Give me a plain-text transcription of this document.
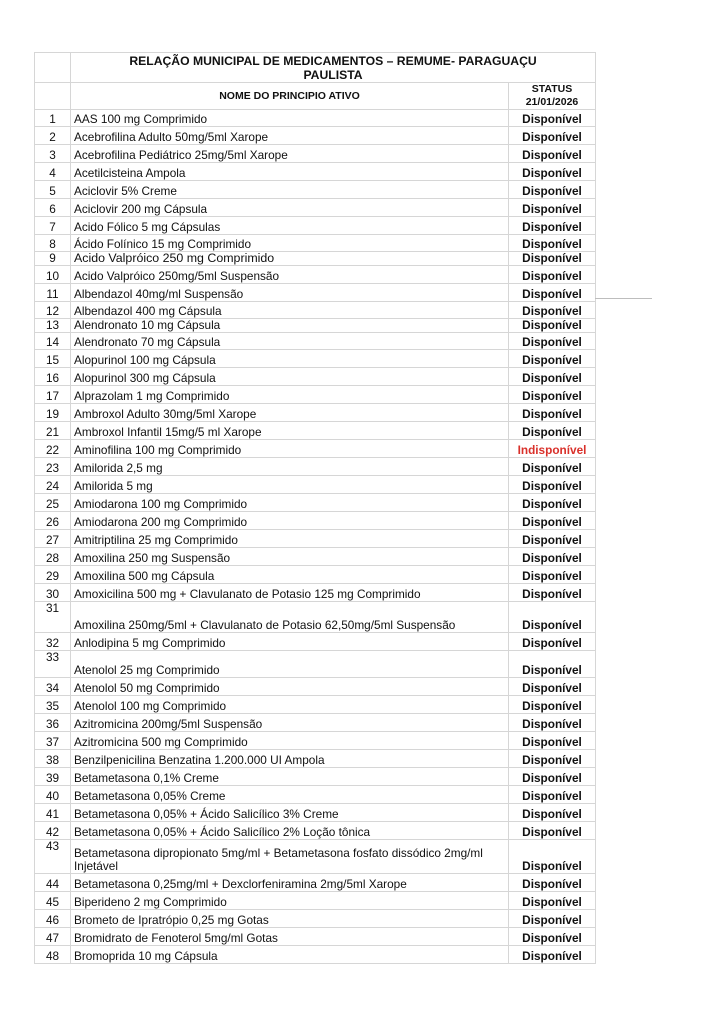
	RELAÇÃO MUNICIPAL DE MEDICAMENTOS – REMUME- PARAGUAÇU
PAULISTA	

	NOME DO PRINCIPIO ATIVO	STATUS 21/01/2026
1	AAS 100 mg Comprimido	Disponível
2	Acebrofilina Adulto 50mg/5ml Xarope	Disponível
3	Acebrofilina Pediátrico 25mg/5ml Xarope	Disponível
4	Acetilcisteina Ampola	Disponível
5	Aciclovir 5% Creme	Disponível
6	Aciclovir 200 mg Cápsula	Disponível
7	Acido Fólico 5 mg Cápsulas	Disponível
8	Ácido Folínico 15 mg Comprimido	Disponível
9	Acido Valpróico 250 mg Comprimido	Disponível
10	Acido Valpróico 250mg/5ml Suspensão	Disponível
11	Albendazol 40mg/ml Suspensão	Disponível
12	Albendazol 400 mg Cápsula	Disponível
13	Alendronato 10 mg Cápsula	Disponível
14	Alendronato 70 mg Cápsula	Disponível
15	Alopurinol 100 mg Cápsula	Disponível
16	Alopurinol 300 mg Cápsula	Disponível
17	Alprazolam 1 mg Comprimido	Disponível
19	Ambroxol Adulto 30mg/5ml Xarope	Disponível
21	Ambroxol Infantil 15mg/5 ml Xarope	Disponível
22	Aminofilina 100 mg Comprimido	Indisponível
23	Amilorida 2,5 mg	Disponível
24	Amilorida 5 mg	Disponível
25	Amiodarona 100 mg Comprimido	Disponível
26	Amiodarona 200 mg Comprimido	Disponível
27	Amitriptilina 25 mg Comprimido	Disponível
28	Amoxilina 250 mg Suspensão	Disponível
29	Amoxilina 500 mg Cápsula	Disponível
30	Amoxicilina 500 mg + Clavulanato de Potasio 125 mg Comprimido	Disponível
31	Amoxilina 250mg/5ml + Clavulanato de Potasio 62,50mg/5ml Suspensão	Disponível
32	Anlodipina 5 mg Comprimido	Disponível
33	Atenolol 25 mg Comprimido	Disponível
34	Atenolol 50 mg Comprimido	Disponível
35	Atenolol 100 mg Comprimido	Disponível
36	Azitromicina 200mg/5ml Suspensão	Disponível
37	Azitromicina 500 mg Comprimido	Disponível
38	Benzilpenicilina Benzatina 1.200.000 UI Ampola	Disponível
39	Betametasona 0,1% Creme	Disponível
40	Betametasona 0,05% Creme	Disponível
41	Betametasona 0,05% + Ácido Salicílico 3% Creme	Disponível
42	Betametasona 0,05% + Ácido Salicílico 2% Loção tônica	Disponível
43	Betametasona dipropionato 5mg/ml + Betametasona fosfato dissódico 2mg/ml Injetável	Disponível
44	Betametasona 0,25mg/ml + Dexclorfeniramina 2mg/5ml Xarope	Disponível
45	Biperideno 2 mg Comprimido	Disponível
46	Brometo de Ipratrópio 0,25 mg Gotas	Disponível
47	Bromidrato de Fenoterol 5mg/ml Gotas	Disponível
48	Bromoprida 10 mg Cápsula	Disponível
